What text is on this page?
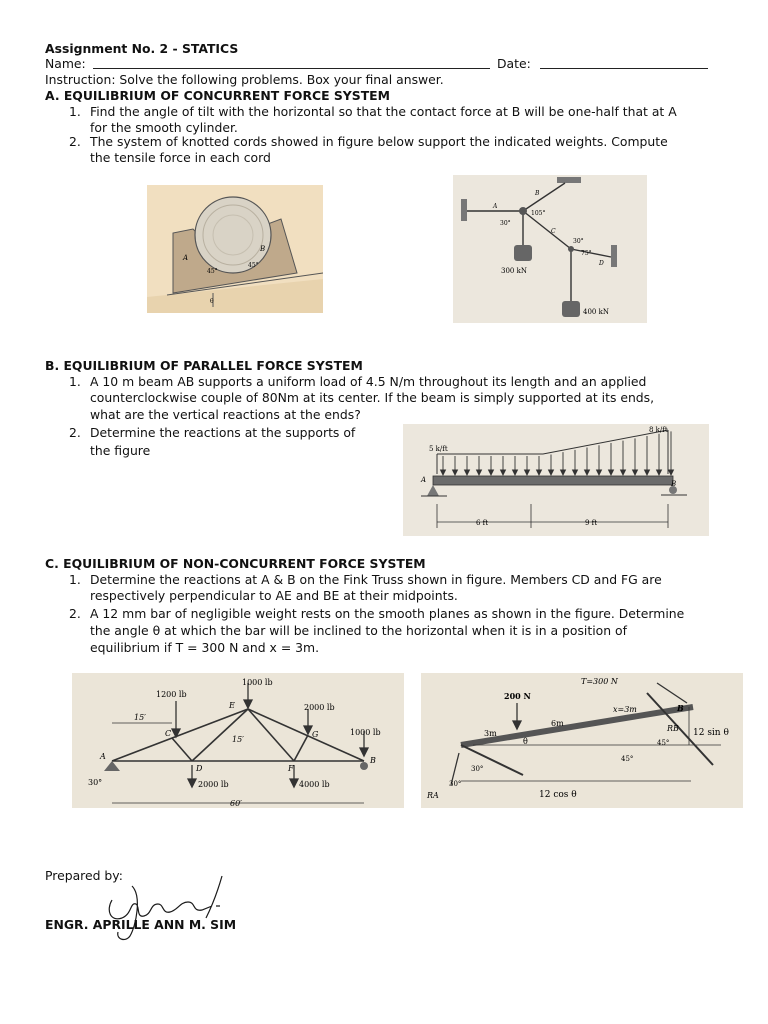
Assignment No. 2 - STATICS
Name:	Date:
Instruction: Solve the following problems. Box your final answer.
A. EQUILIBRIUM OF CONCURRENT FORCE SYSTEM
1. Find the angle of tilt with the horizontal so that the contact force at B will be one-half that at A
for the smooth cylinder.
2. The system of knotted cords showed in figure below support the indicated weights. Compute
the tensile force in each cord
A
B
45°
45°
θ
A
B
C
D
30°
105°
30°
75°
300 kN
400 kN
B. EQUILIBRIUM OF PARALLEL FORCE SYSTEM
1. A 10 m beam AB supports a uniform load of 4.5 N/m throughout its length and an applied
counterclockwise couple of 80Nm at its center. If the beam is simply supported at its ends,
what are the vertical reactions at the ends?
2. Determine the reactions at the supports of
the figure	5 k/ft
8 k/ft
A	B
6 ft	9 ft
C. EQUILIBRIUM OF NON-CONCURRENT FORCE SYSTEM
1. Determine the reactions at A & B on the Fink Truss shown in figure. Members CD and FG are
respectively perpendicular to AE and BE at their midpoints.
2. A 12 mm bar of negligible weight rests on the smooth planes as shown in the figure. Determine
the angle θ at which the bar will be inclined to the horizontal when it is in a position of
equilibrium if T = 300 N and x = 3m.
1200 lb
1000 lb
2000 lb
1000 lb
15′
15′
A	B
C
D
E
F
G
30°	2000 lb	4000 lb
60′
T=300 N
200 N
6m
3m
x=3m	B
RB 12 sin θ
45°
45°
θ
30°
30°
RA	12 cos θ
Prepared by:
ENGR. APRILLE ANN M. SIM
